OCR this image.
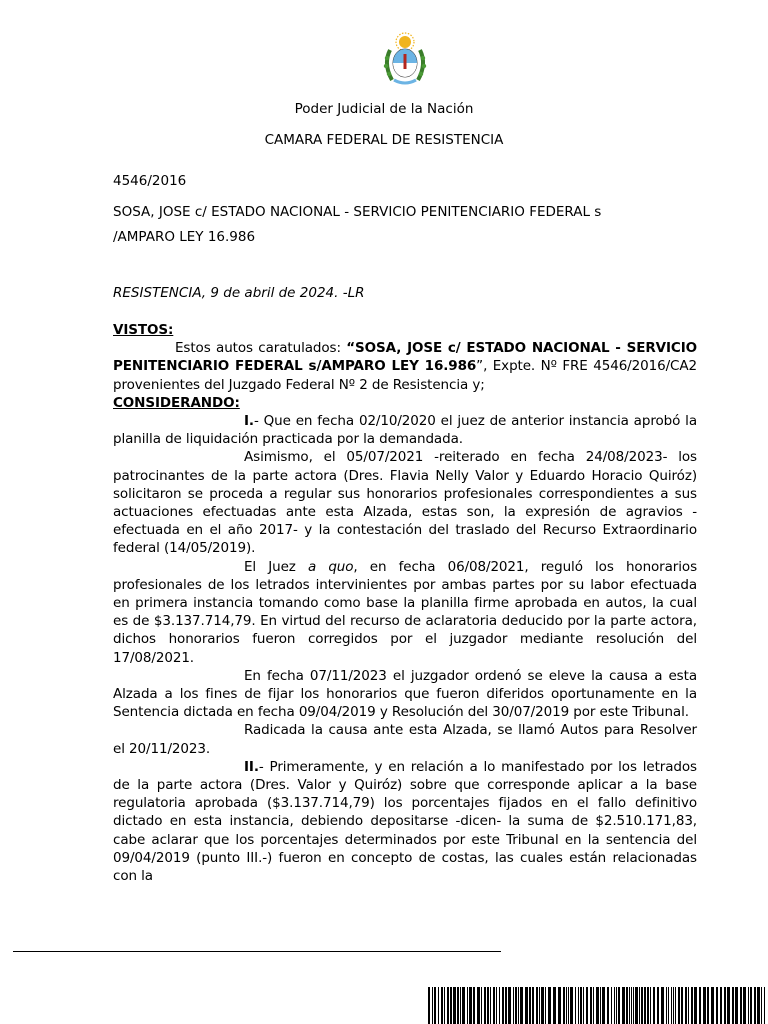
Poder Judicial de la Nación
CAMARA FEDERAL DE RESISTENCIA
4546/2016
SOSA, JOSE c/ ESTADO NACIONAL - SERVICIO PENITENCIARIO FEDERAL s
/AMPARO LEY 16.986
RESISTENCIA, 9 de abril de 2024. -LR

VISTOS:

Estos autos caratulados: “SOSA, JOSE c/ ESTADO NACIONAL - SERVICIO PENITENCIARIO FEDERAL s/AMPARO LEY 16.986”, Expte. Nº FRE 4546/2016/CA2 provenientes del Juzgado Federal Nº 2 de Resistencia y;

CONSIDERANDO:

I.- Que en fecha 02/10/2020 el juez de anterior instancia aprobó la planilla de liquidación practicada por la demandada.

Asimismo, el 05/07/2021 -reiterado en fecha 24/08/2023- los patrocinantes de la parte actora (Dres. Flavia Nelly Valor y Eduardo Horacio Quiróz) solicitaron se proceda a regular sus honorarios profesionales correspondientes a sus actuaciones efectuadas ante esta Alzada, estas son, la expresión de agravios -efectuada en el año 2017- y la contestación del traslado del Recurso Extraordinario federal (14/05/2019).

El Juez a quo, en fecha 06/08/2021, reguló los honorarios profesionales de los letrados intervinientes por ambas partes por su labor efectuada en primera instancia tomando como base la planilla firme aprobada en autos, la cual es de $3.137.714,79. En virtud del recurso de aclaratoria deducido por la parte actora, dichos honorarios fueron corregidos por el juzgador mediante resolución del 17/08/2021.

En fecha 07/11/2023 el juzgador ordenó se eleve la causa a esta Alzada a los fines de fijar los honorarios que fueron diferidos oportunamente en la Sentencia dictada en fecha 09/04/2019 y Resolución del 30/07/2019 por este Tribunal.

Radicada la causa ante esta Alzada, se llamó Autos para Resolver el 20/11/2023.

II.- Primeramente, y en relación a lo manifestado por los letrados de la parte actora (Dres. Valor y Quiróz) sobre que corresponde aplicar a la base regulatoria aprobada ($3.137.714,79) los porcentajes fijados en el fallo definitivo dictado en esta instancia, debiendo depositarse -dicen- la suma de $2.510.171,83, cabe aclarar que los porcentajes determinados por este Tribunal en la sentencia del 09/04/2019 (punto III.-) fueron en concepto de costas, las cuales están relacionadas con la
